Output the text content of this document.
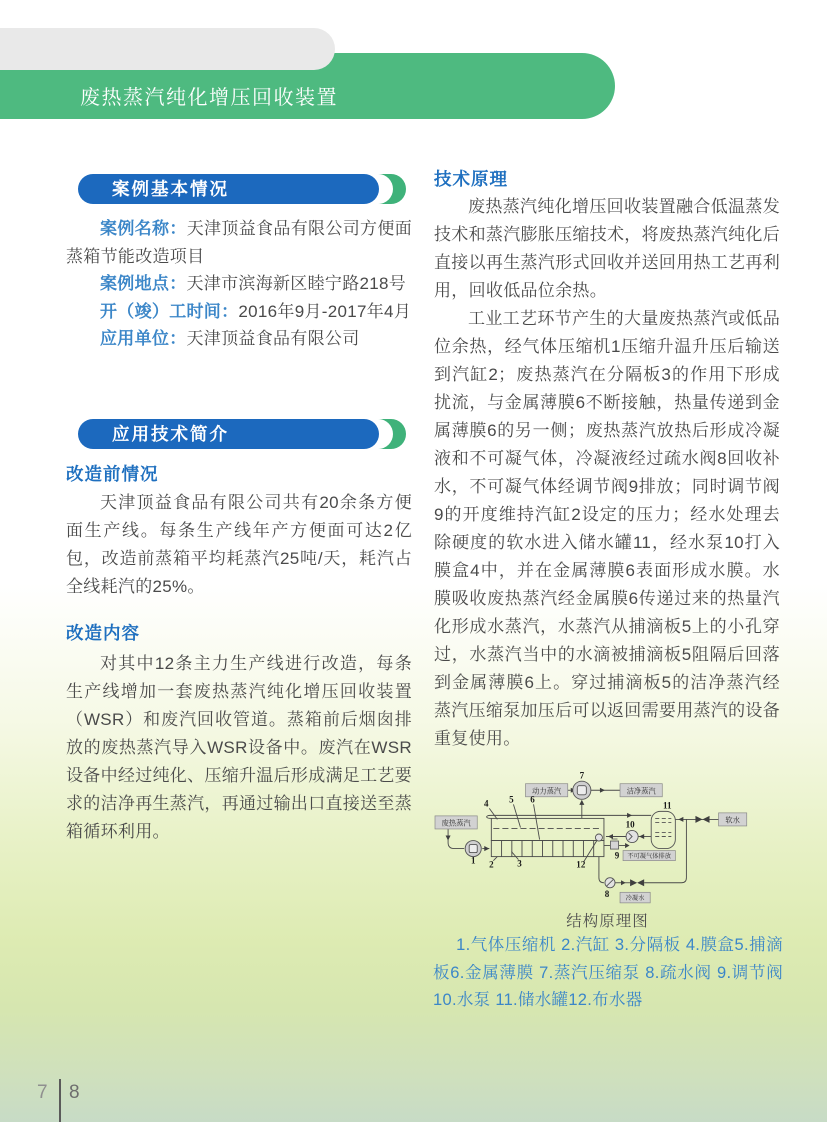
废热蒸汽纯化增压回收装置
案例基本情况

案例名称：天津顶益食品有限公司方便面蒸箱节能改造项目

案例地点：天津市滨海新区睦宁路218号

开（竣）工时间：2016年9月-2017年4月

应用单位：天津顶益食品有限公司

应用技术简介
改造前情况

天津顶益食品有限公司共有20余条方便面生产线。每条生产线年产方便面可达2亿包，改造前蒸箱平均耗蒸汽25吨/天，耗汽占全线耗汽的25%。

改造内容

对其中12条主力生产线进行改造，每条生产线增加一套废热蒸汽纯化增压回收装置（WSR）和废汽回收管道。蒸箱前后烟囱排放的废热蒸汽导入WSR设备中。废汽在WSR设备中经过纯化、压缩升温后形成满足工艺要求的洁净再生蒸汽，再通过输出口直接送至蒸箱循环利用。

技术原理

废热蒸汽纯化增压回收装置融合低温蒸发技术和蒸汽膨胀压缩技术，将废热蒸汽纯化后直接以再生蒸汽形式回收并送回用热工艺再利用，回收低品位余热。

工业工艺环节产生的大量废热蒸汽或低品位余热，经气体压缩机1压缩升温升压后输送到汽缸2；废热蒸汽在分隔板3的作用下形成扰流，与金属薄膜6不断接触，热量传递到金属薄膜6的另一侧；废热蒸汽放热后形成冷凝液和不可凝气体，冷凝液经过疏水阀8回收补水，不可凝气体经调节阀9排放；同时调节阀9的开度维持汽缸2设定的压力；经水处理去除硬度的软水进入储水罐11，经水泵10打入膜盒4中，并在金属薄膜6表面形成水膜。水膜吸收废热蒸汽经金属膜6传递过来的热量汽化形成水蒸汽，水蒸汽从捕滴板5上的小孔穿过，水蒸汽当中的水滴被捕滴板5阻隔后回落到金属薄膜6上。穿过捕滴板5的洁净蒸汽经蒸汽压缩泵加压后可以返回需要用蒸汽的设备重复使用。

废热蒸汽
动力蒸汽	洁净蒸汽
软水
不可凝气体排放
冷凝水
1 2	3
4 5 6
7
8
9
10
11
12
结构原理图
1.气体压缩机 2.汽缸 3.分隔板 4.膜盒5.捕滴板6.金属薄膜 7.蒸汽压缩泵 8.疏水阀 9.调节阀 10.水泵 11.储水罐12.布水器
7 8
